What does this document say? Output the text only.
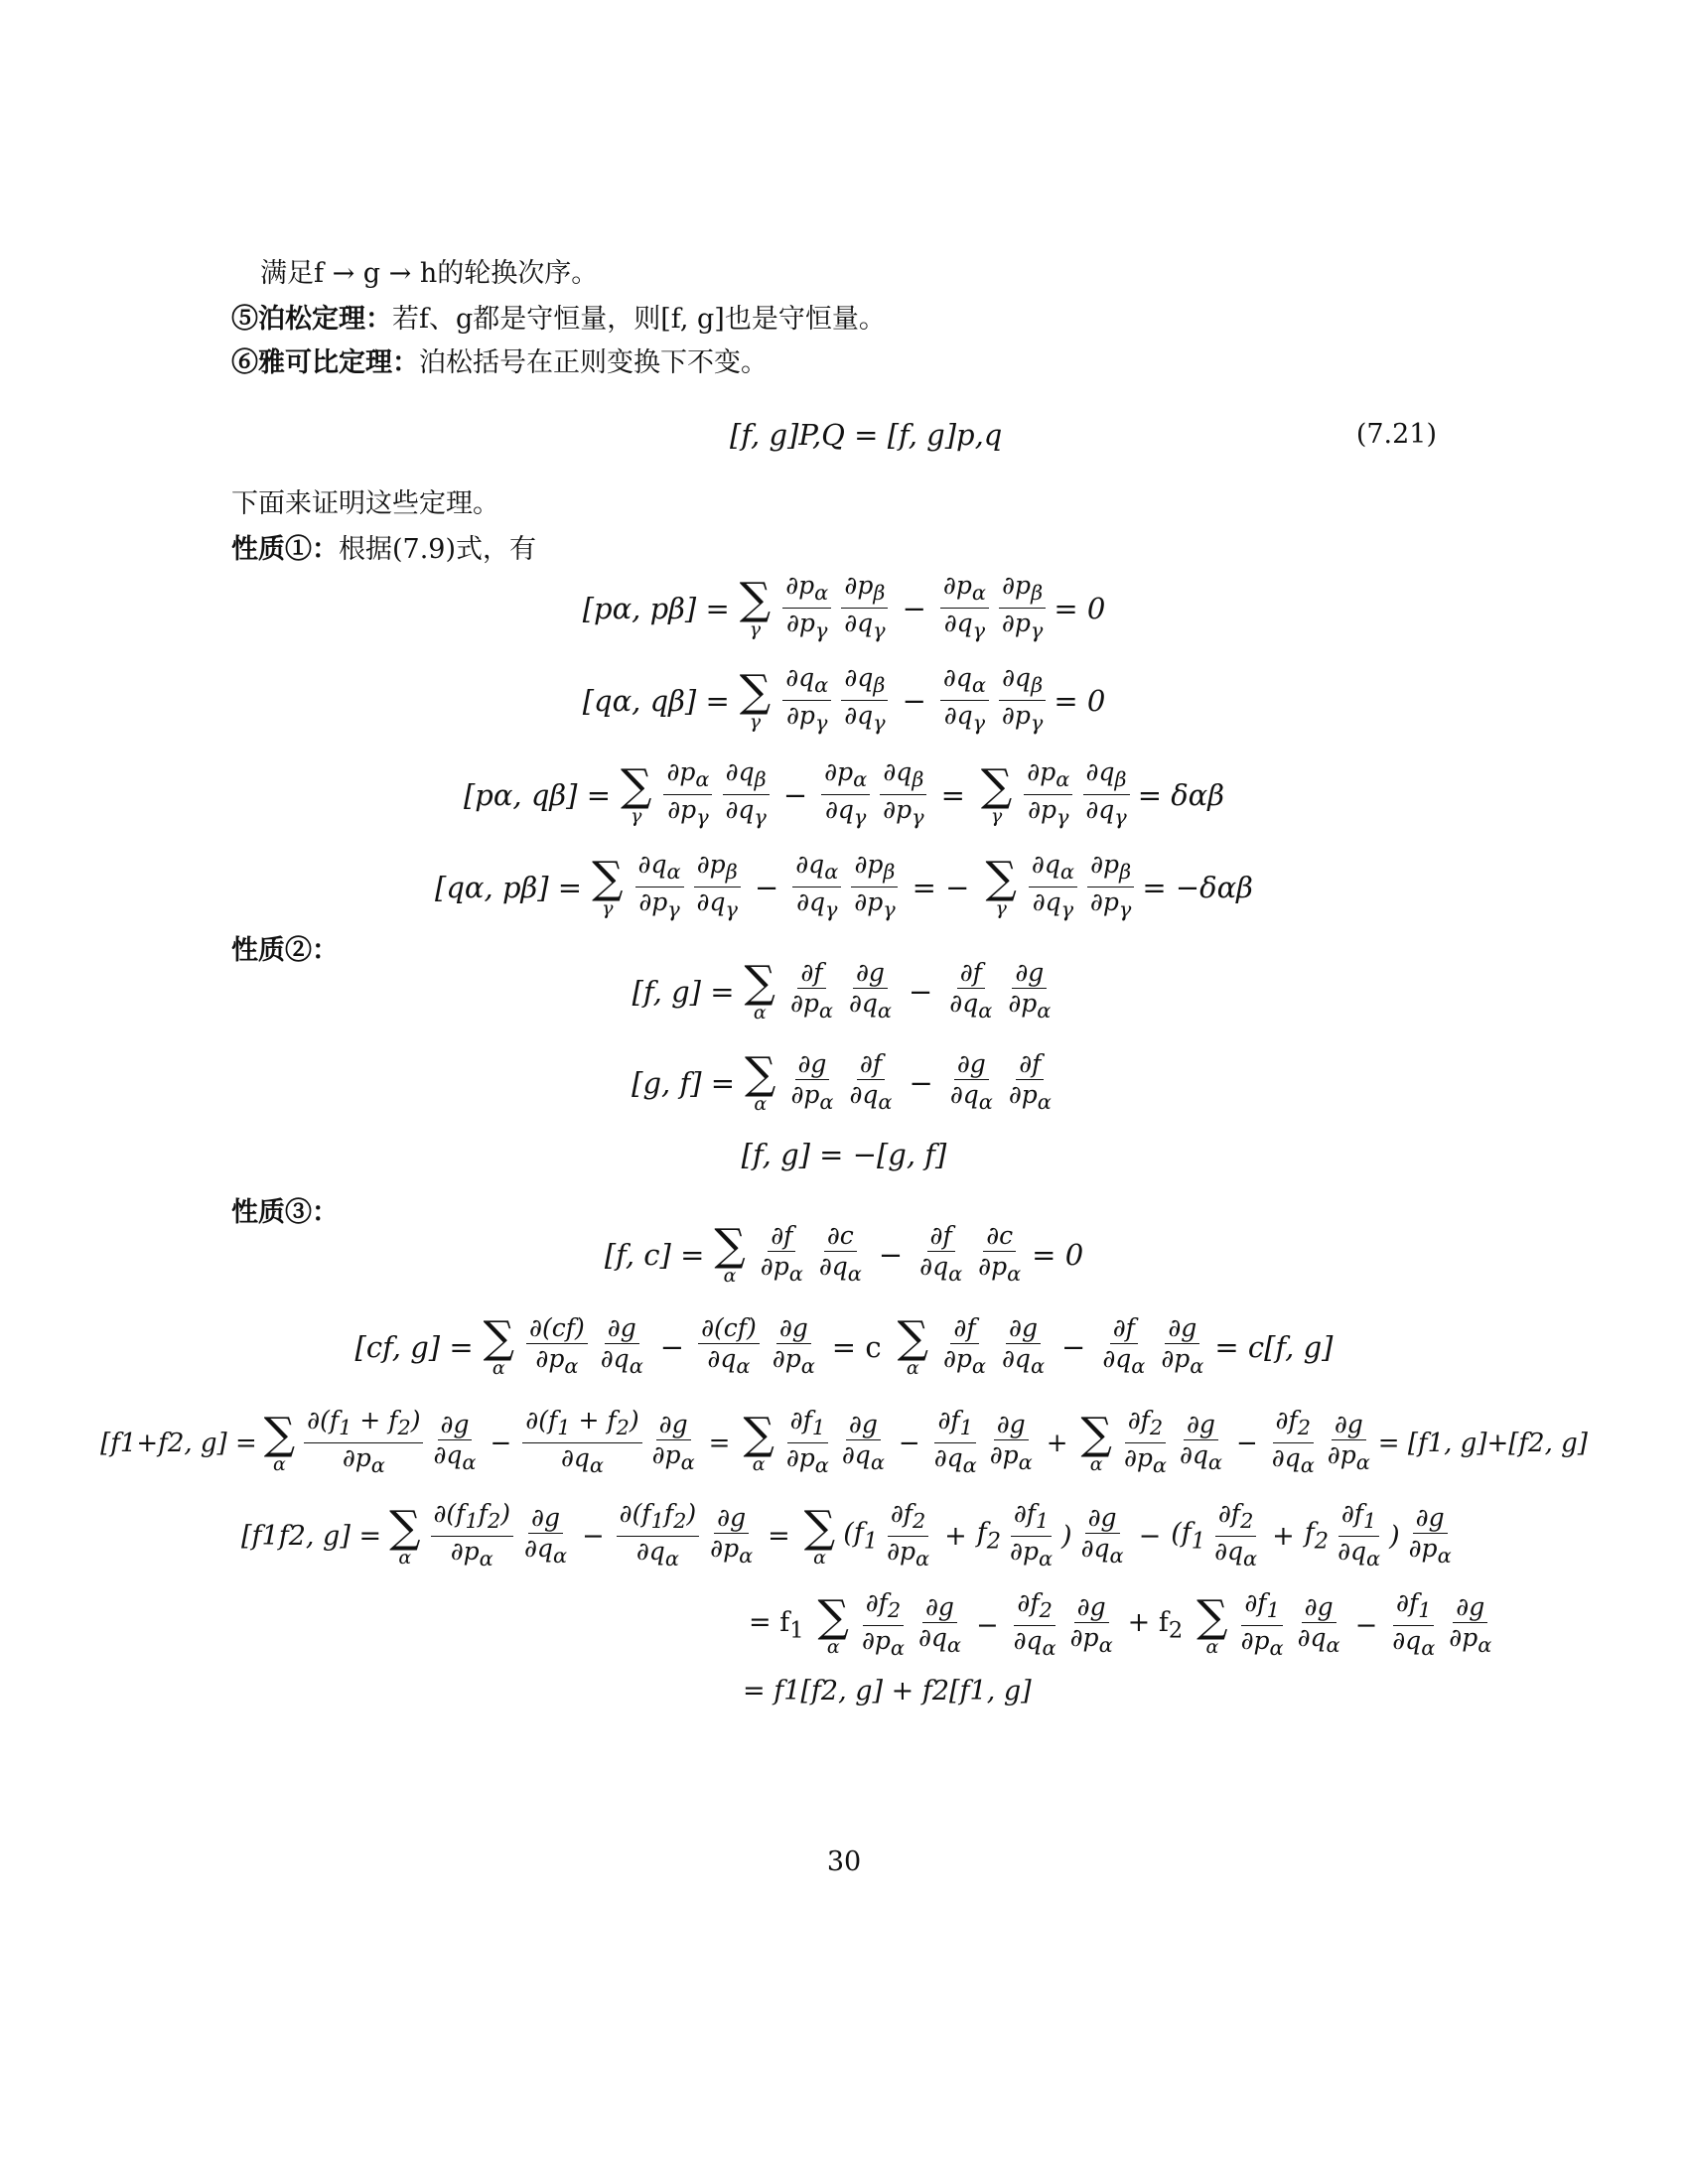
满足f → g → h的轮换次序。
⑤泊松定理：若f、g都是守恒量，则[f, g]也是守恒量。
⑥雅可比定理：泊松括号在正则变换下不变。
[f, g]P,Q = [f, g]p,q	(7.21)
下面来证明这些定理。
性质①：根据(7.9)式，有
[pα, pβ] = ∑
γ $\frac{\partial p_\alpha}{\partial p_\gamma} \frac{\partial p_\beta}{\partial q_\gamma} - \frac{\partial p_\alpha}{\partial q_\gamma} \frac{\partial p_\beta}{\partial p_\gamma} = 0$
[qα, qβ] = ∑
γ $\frac{\partial q_\alpha}{\partial p_\gamma} \frac{\partial q_\beta}{\partial q_\gamma} - \frac{\partial q_\alpha}{\partial q_\gamma} \frac{\partial q_\beta}{\partial p_\gamma} = 0$
[pα, qβ] = ∑
γ $\frac{\partial p_\alpha}{\partial p_\gamma} \frac{\partial q_\beta}{\partial q_\gamma} - \frac{\partial p_\alpha}{\partial q_\gamma} \frac{\partial q_\beta}{\partial p_\gamma}$ = ∑
γ $\frac{\partial p_\alpha}{\partial p_\gamma} \frac{\partial q_\beta}{\partial q_\gamma} = \delta\alpha\beta$
[qα, pβ] = ∑
γ $\frac{\partial q_\alpha}{\partial p_\gamma} \frac{\partial p_\beta}{\partial q_\gamma} - \frac{\partial q_\alpha}{\partial q_\gamma} \frac{\partial p_\beta}{\partial p_\gamma}$ = − ∑
γ $\frac{\partial q_\alpha}{\partial q_\gamma} \frac{\partial p_\beta}{\partial p_\gamma} = -\delta\alpha\beta$
性质②：
[f, g] = ∑
α $\frac{\partial f}{\partial p_\alpha} \frac{\partial g}{\partial q_\alpha} - \frac{\partial f}{\partial q_\alpha} \frac{\partial g}{\partial p_\alpha}$
[g, f] = ∑
α $\frac{\partial g}{\partial p_\alpha} \frac{\partial f}{\partial q_\alpha} - \frac{\partial g}{\partial q_\alpha} \frac{\partial f}{\partial p_\alpha}$
[f, g] = −[g, f]
性质③：
[f, c] = ∑
α $\frac{\partial f}{\partial p_\alpha} \frac{\partial c}{\partial q_\alpha} - \frac{\partial f}{\partial q_\alpha} \frac{\partial c}{\partial p_\alpha} = 0$
[cf, g] = ∑
α $\frac{\partial(cf)}{\partial p_\alpha} \frac{\partial g}{\partial q_\alpha} - \frac{\partial(cf)}{\partial q_\alpha} \frac{\partial g}{\partial p_\alpha} = c$ ∑
α $\frac{\partial f}{\partial p_\alpha} \frac{\partial g}{\partial q_\alpha} - \frac{\partial f}{\partial q_\alpha} \frac{\partial g}{\partial p_\alpha} = c[f$, g]
[f1+f2, g] = ∑
α $\frac{\partial(f_1 + f_2)}{\partial p_\alpha} \frac{\partial g}{\partial q_\alpha} - \frac{\partial(f_1 + f_2)}{\partial q_\alpha} \frac{\partial g}{\partial p_\alpha}$ = ∑
α $\frac{\partial f_1}{\partial p_\alpha} \frac{\partial g}{\partial q_\alpha} - \frac{\partial f_1}{\partial q_\alpha} \frac{\partial g}{\partial p_\alpha}$ + ∑
α $\frac{\partial f_2}{\partial p_\alpha} \frac{\partial g}{\partial q_\alpha} - \frac{\partial f_2}{\partial q_\alpha} \frac{\partial g}{\partial p_\alpha} = [f1$, g]+[f2, g]
[f1f2, g] = ∑
α $\frac{\partial(f_1f_2)}{\partial p_\alpha} \frac{\partial g}{\partial q_\alpha} - \frac{\partial(f_1f_2)}{\partial q_\alpha} \frac{\partial g}{\partial p_\alpha}$ = ∑
α
($f_1 \frac{\partial f_2}{\partial p_\alpha} + f_2 \frac{\partial f_1}{\partial p_\alpha}$ ) $\frac{\partial g}{\partial q_\alpha} - (f_1 \frac{\partial f_2}{\partial q_\alpha} + f_2 \frac{\partial f_1}{\partial q_\alpha}$ ) $\frac{\partial g}{\partial p_\alpha}$
= $f_1$ ∑
α $\frac{\partial f_2}{\partial p_\alpha} \frac{\partial g}{\partial q_\alpha} - \frac{\partial f_2}{\partial q_\alpha} \frac{\partial g}{\partial p_\alpha} + f_2$ ∑
α $\frac{\partial f_1}{\partial p_\alpha} \frac{\partial g}{\partial q_\alpha} - \frac{\partial f_1}{\partial q_\alpha} \frac{\partial g}{\partial p_\alpha}$
= f1[f2, g] + f2[f1, g]
30
